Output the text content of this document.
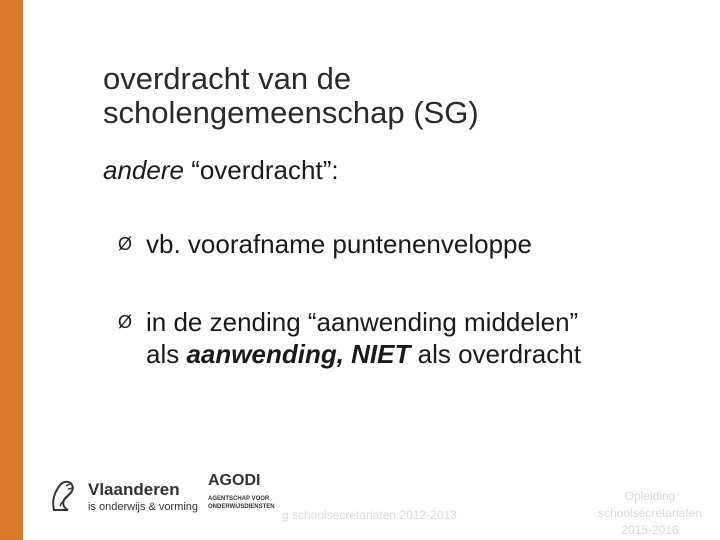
overdracht van de
scholengemeenschap (SG)
andere “overdracht”:
Ø vb. voorafname puntenenveloppe
Ø in de zending “aanwending middelen”
als aanwending, NIET als overdracht
Vlaanderen
is onderwijs & vorming
AGODI
AGENTSCHAP VOOR
ONDERWIJSDIENSTEN
g schoolsecretariaten 2012-2013
Opleiding
schoolsecretariaten
2015-2016
